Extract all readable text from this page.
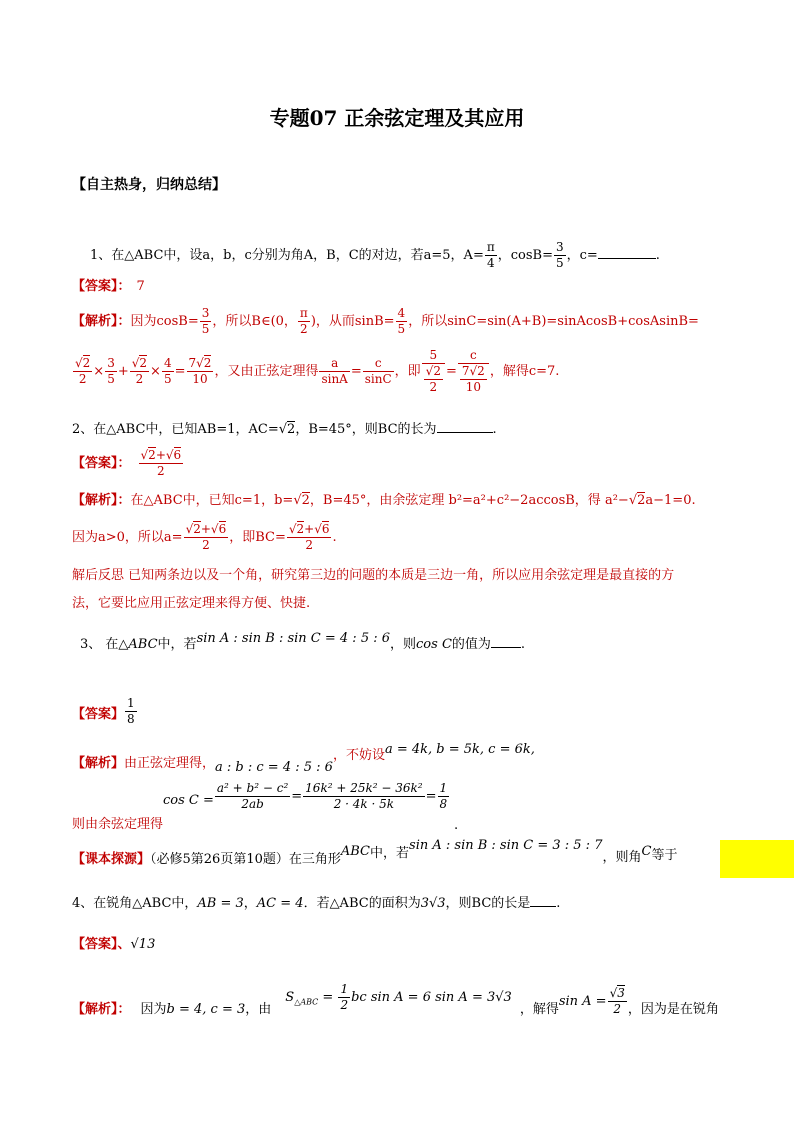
专题07 正余弦定理及其应用
【自主热身，归纳总结】
1、在△ABC中，设a，b，c分别为角A，B，C的对边，若a=5，$A= \frac{\pi}{4}$ ，$\cos B= \frac{3}{5}$ ，c=	.
【答案】： 7
【解析】：因为$\cos B= \frac{3}{5}$ ，所以B∈(0， $\frac{\pi}{2}$ )，从而$\sin B= \frac{4}{5}$ ，所以sinC=sin(A+B)=sinAcosB+cosAsinB=
$\frac{√2}{2} \times \frac{3}{5} + \frac{√2}{2} \times \frac{4}{5} = \frac{7√2}{10}$ ，又由正弦定理得 $\frac{a}{\sin A} = \frac{c}{\sin C}$ ，即 $\frac{5}{\frac{√2}{2}} = \frac{c}{\frac{7√2}{10}}$ ，解得c=7.
2、在△ABC中，已知AB=1，AC=√2，B=45°，则BC的长为	.
【答案】： $\frac{√2+√6}{2}$
【解析】：在△ABC中，已知c=1，b=√2，B=45°，由余弦定理 b²=a²+c²−2accosB，得 a²−√2a−1=0.
因为a>0，所以$a= \frac{√2+√6}{2}$ ，即$BC= \frac{√2+√6}{2}$ .
解后反思 已知两条边以及一个角，研究第三边的问题的本质是三边一角，所以应用余弦定理是最直接的方
法，它要比应用正弦定理来得方便、快捷.
3、 在△ABC中，若sin A : sin B : sin C = 4 : 5 : 6，则cos C的值为 .
【答案】 $\frac{1}{8}$
【解析】由正弦定理得，a : b : c = 4 : 5 : 6，不妨设a = 4k, b = 5k, c = 6k,
则由余弦定理得$\cos C = \frac{\text{a² + b² − c²}}{2ab} = \frac{\text{16k² + 25k² − 36k²}}{2 \cdot 4k \cdot 5k} = \frac{1}{8}$
.
【课本探源】（必修5第26页第10题）在三角形ABC中，若sin A : sin B : sin C = 3 : 5 : 7，则角C等于
4、在锐角△ABC中，AB = 3，AC = 4．若△ABC的面积为3√3，则BC的长是 .
【答案】、√13
【解析】： 因为b = 4, c = 3，由$S_{\triangle ABC} = \frac{1}{2}$ bc sin A = 6 sin A = 3√3，解得$\sin A = \frac{√3}{2}$ ，因为是在锐角
